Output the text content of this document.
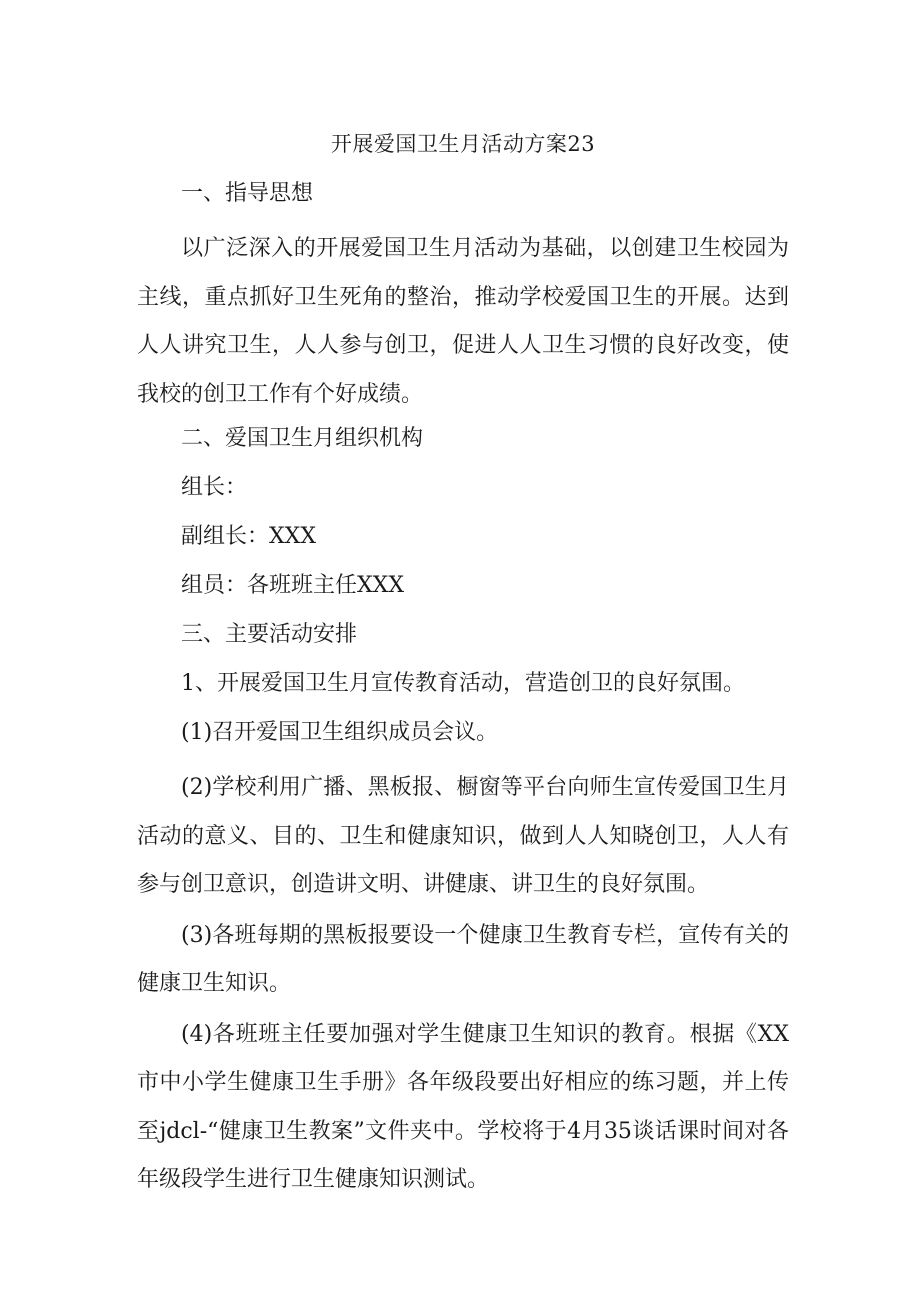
开展爱国卫生月活动方案23

一、指导思想

以广泛深入的开展爱国卫生月活动为基础，以创建卫生校园为主线，重点抓好卫生死角的整治，推动学校爱国卫生的开展。达到人人讲究卫生，人人参与创卫，促进人人卫生习惯的良好改变，使我校的创卫工作有个好成绩。

二、爱国卫生月组织机构

组长：

副组长：XXX

组员：各班班主任XXX

三、主要活动安排

1、开展爱国卫生月宣传教育活动，营造创卫的良好氛围。

(1)召开爱国卫生组织成员会议。

(2)学校利用广播、黑板报、橱窗等平台向师生宣传爱国卫生月活动的意义、目的、卫生和健康知识，做到人人知晓创卫，人人有参与创卫意识，创造讲文明、讲健康、讲卫生的良好氛围。

(3)各班每期的黑板报要设一个健康卫生教育专栏，宣传有关的健康卫生知识。

(4)各班班主任要加强对学生健康卫生知识的教育。根据《XX市中小学生健康卫生手册》各年级段要出好相应的练习题，并上传至jdcl-“健康卫生教案”文件夹中。学校将于4月35谈话课时间对各年级段学生进行卫生健康知识测试。
